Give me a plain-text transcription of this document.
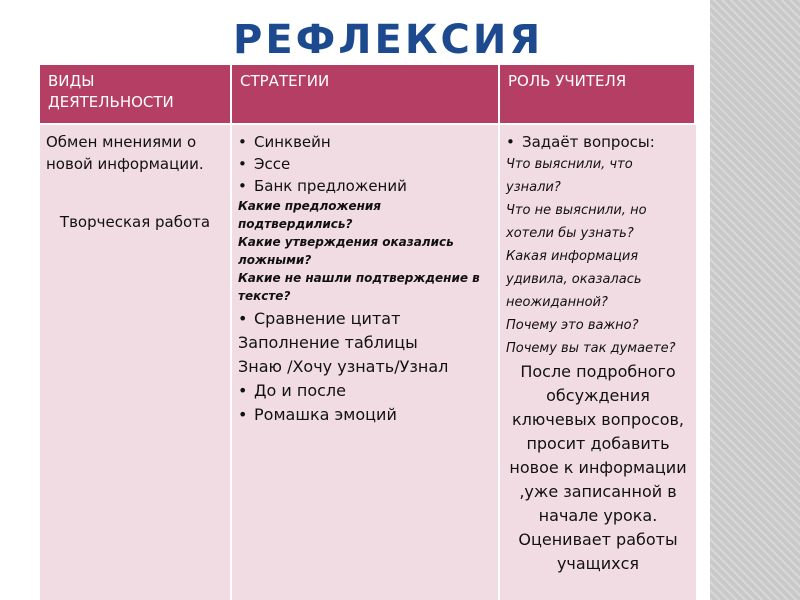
РЕФЛЕКСИЯ
ВИДЫ ДЕЯТЕЛЬНОСТИ
СТРАТЕГИИ	РОЛЬ УЧИТЕЛЯ
Обмен мнениями о новой информации.
Творческая работа
• Синквейн
• Эссе
• Банк предложений
Какие предложения подтвердились?
Какие утверждения оказались ложными?
Какие не нашли подтверждение в тексте?
• Сравнение цитат
Заполнение таблицы
Знаю /Хочу узнать/Узнал
• До и после
• Ромашка эмоций
• Задаёт вопросы:
Что выяснили, что узнали?
Что не выяснили, но хотели бы узнать?
Какая информация удивила, оказалась неожиданной?
Почему это важно?
Почему вы так думаете?
После подробного обсуждения ключевых вопросов, просит добавить новое к информации ,уже записанной в начале урока.
Оценивает работы учащихся
